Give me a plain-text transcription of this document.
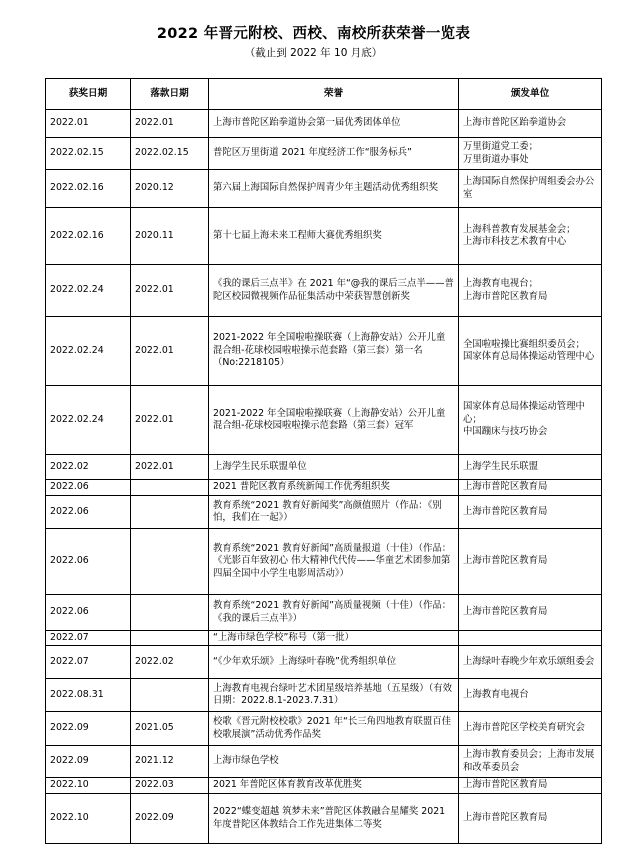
2022 年晋元附校、西校、南校所获荣誉一览表
（截止到 2022 年 10 月底）
获奖日期	落款日期	荣誉	颁发单位
2022.01	2022.01	上海市普陀区跆拳道协会第一届优秀团体单位	上海市普陀区跆拳道协会
2022.02.15	2022.02.15	普陀区万里街道 2021 年度经济工作“服务标兵”	万里街道党工委；
万里街道办事处
2022.02.16	2020.12	第六届上海国际自然保护周青少年主题活动优秀组织奖	上海国际自然保护周组委会办公室
2022.02.16	2020.11	第十七届上海未来工程师大赛优秀组织奖	上海科普教育发展基金会；
上海市科技艺术教育中心
2022.02.24	2022.01	《我的课后三点半》在 2021 年“@我的课后三点半——普陀区校园微视频作品征集活动中荣获智慧创新奖	上海教育电视台；
上海市普陀区教育局
2022.02.24	2022.01	2021-2022 年全国啦啦操联赛（上海静安站）公开儿童混合组-花球校园啦啦操示范套路（第三套）第一名（No:2218105）	全国啦啦操比赛组织委员会；
国家体育总局体操运动管理中心
2022.02.24	2022.01	2021-2022 年全国啦啦操联赛（上海静安站）公开儿童混合组-花球校园啦啦操示范套路（第三套）冠军	国家体育总局体操运动管理中心；
中国蹦床与技巧协会
2022.02	2022.01	上海学生民乐联盟单位	上海学生民乐联盟
2022.06		2021 普陀区教育系统新闻工作优秀组织奖	上海市普陀区教育局
2022.06		教育系统“2021 教育好新闻奖”高颜值照片（作品：《别怕，我们在一起》）	上海市普陀区教育局
2022.06		教育系统“2021 教育好新闻”高质量报道（十佳）（作品：《光影百年致初心 伟大精神代代传——华童艺术团参加第四届全国中小学生电影周活动》）	上海市普陀区教育局
2022.06		教育系统“2021 教育好新闻”高质量视频（十佳）（作品：《我的课后三点半》）	上海市普陀区教育局
2022.07		“上海市绿色学校”称号（第一批）	
2022.07	2022.02	“《少年欢乐颂》上海绿叶春晚”优秀组织单位	上海绿叶春晚少年欢乐颂组委会
2022.08.31		上海教育电视台绿叶艺术团星级培养基地（五星级）（有效日期：2022.8.1-2023.7.31）	上海教育电视台
2022.09	2021.05	校歌《晋元附校校歌》2021 年“长三角四地教育联盟百佳校歌展演”活动优秀作品奖	上海市普陀区学校美育研究会
2022.09	2021.12	上海市绿色学校	上海市教育委员会；上海市发展和改革委员会
2022.10	2022.03	2021 年普陀区体育教育改革优胜奖	上海市普陀区教育局
2022.10	2022.09	2022“蝶变超越 筑梦未来”普陀区体教融合星耀奖 2021 年度普陀区体教结合工作先进集体二等奖	上海市普陀区教育局
